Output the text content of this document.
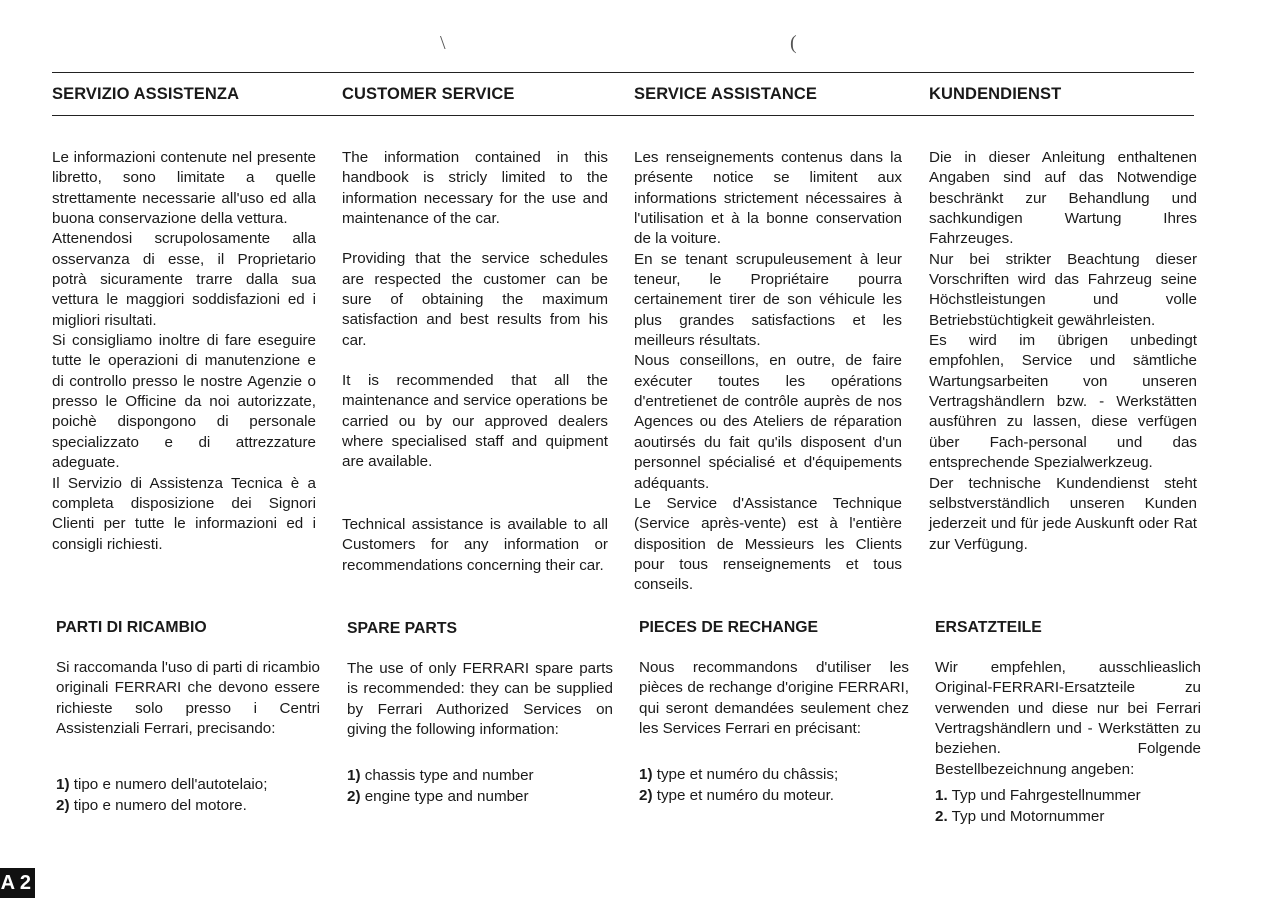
\	(
SERVIZIO ASSISTENZA	CUSTOMER SERVICE	SERVICE ASSISTANCE	KUNDENDIENST

Le informazioni contenute nel presente libretto, sono limitate a quelle strettamente necessarie all'uso ed alla buona conservazione della vettura.

Attenendosi scrupolosamente alla osservanza di esse, il Proprietario potrà sicuramente trarre dalla sua vettura le maggiori soddisfazioni ed i migliori risultati.

Si consigliamo inoltre di fare eseguire tutte le operazioni di manutenzione e di controllo presso le nostre Agenzie o presso le Officine da noi autorizzate, poichè dispongono di personale specializzato e di attrezzature adeguate.

Il Servizio di Assistenza Tecnica è a completa disposizione dei Signori Clienti per tutte le informazioni ed i consigli richiesti.

PARTI DI RICAMBIO

Si raccomanda l'uso di parti di ricambio originali FERRARI che devono essere richieste solo presso i Centri Assistenziali Ferrari, precisando:

1) tipo e numero dell'autotelaio;

2) tipo e numero del motore.

The information contained in this handbook is stricly limited to the information necessary for the use and maintenance of the car.

Providing that the service schedules are respected the customer can be sure of obtaining the maximum satisfaction and best results from his car.

It is recommended that all the maintenance and service operations be carried ou by our approved dealers where specialised staff and quipment are available.

Technical assistance is available to all Customers for any information or recommendations concerning their car.

SPARE PARTS

The use of only FERRARI spare parts is recommended: they can be supplied by Ferrari Authorized Services on giving the following information:

1) chassis type and number

2) engine type and number

Les renseignements contenus dans la présente notice se limitent aux informations strictement nécessaires à l'utilisation et à la bonne conservation de la voiture.

En se tenant scrupuleusement à leur teneur, le Propriétaire pourra certainement tirer de son véhicule les plus grandes satisfactions et les meilleurs résultats.

Nous conseillons, en outre, de faire exécuter toutes les opérations d'entretienet de contrôle auprès de nos Agences ou des Ateliers de réparation aoutirsés du fait qu'ils disposent d'un personnel spécialisé et d'équipements adéquants.

Le Service d'Assistance Technique (Service après-vente) est à l'entière disposition de Messieurs les Clients pour tous renseignements et tous conseils.

PIECES DE RECHANGE

Nous recommandons d'utiliser les pièces de rechange d'origine FERRARI, qui seront demandées seulement chez les Services Ferrari en précisant:

1) type et numéro du châssis;

2) type et numéro du moteur.

Die in dieser Anleitung enthaltenen Angaben sind auf das Notwendige beschränkt zur Behandlung und sachkundigen Wartung Ihres Fahrzeuges.

Nur bei strikter Beachtung dieser Vorschriften wird das Fahrzeug seine Höchstleistungen und volle Betriebstüchtigkeit gewährleisten.

Es wird im übrigen unbedingt empfohlen, Service und sämtliche Wartungsarbeiten von unseren Vertragshändlern bzw. - Werkstätten ausführen zu lassen, diese verfügen über Fach-personal und das entsprechende Spezialwerkzeug.

Der technische Kundendienst steht selbstverständlich unseren Kunden jederzeit und für jede Auskunft oder Rat zur Verfügung.

ERSATZTEILE

Wir empfehlen, ausschlieaslich Original-FERRARI-Ersatzteile zu verwenden und diese nur bei Ferrari Vertragshändlern und - Werkstätten zu beziehen. Folgende Bestellbezeichnung angeben:

1. Typ und Fahrgestellnummer

2. Typ und Motornummer

A 2
